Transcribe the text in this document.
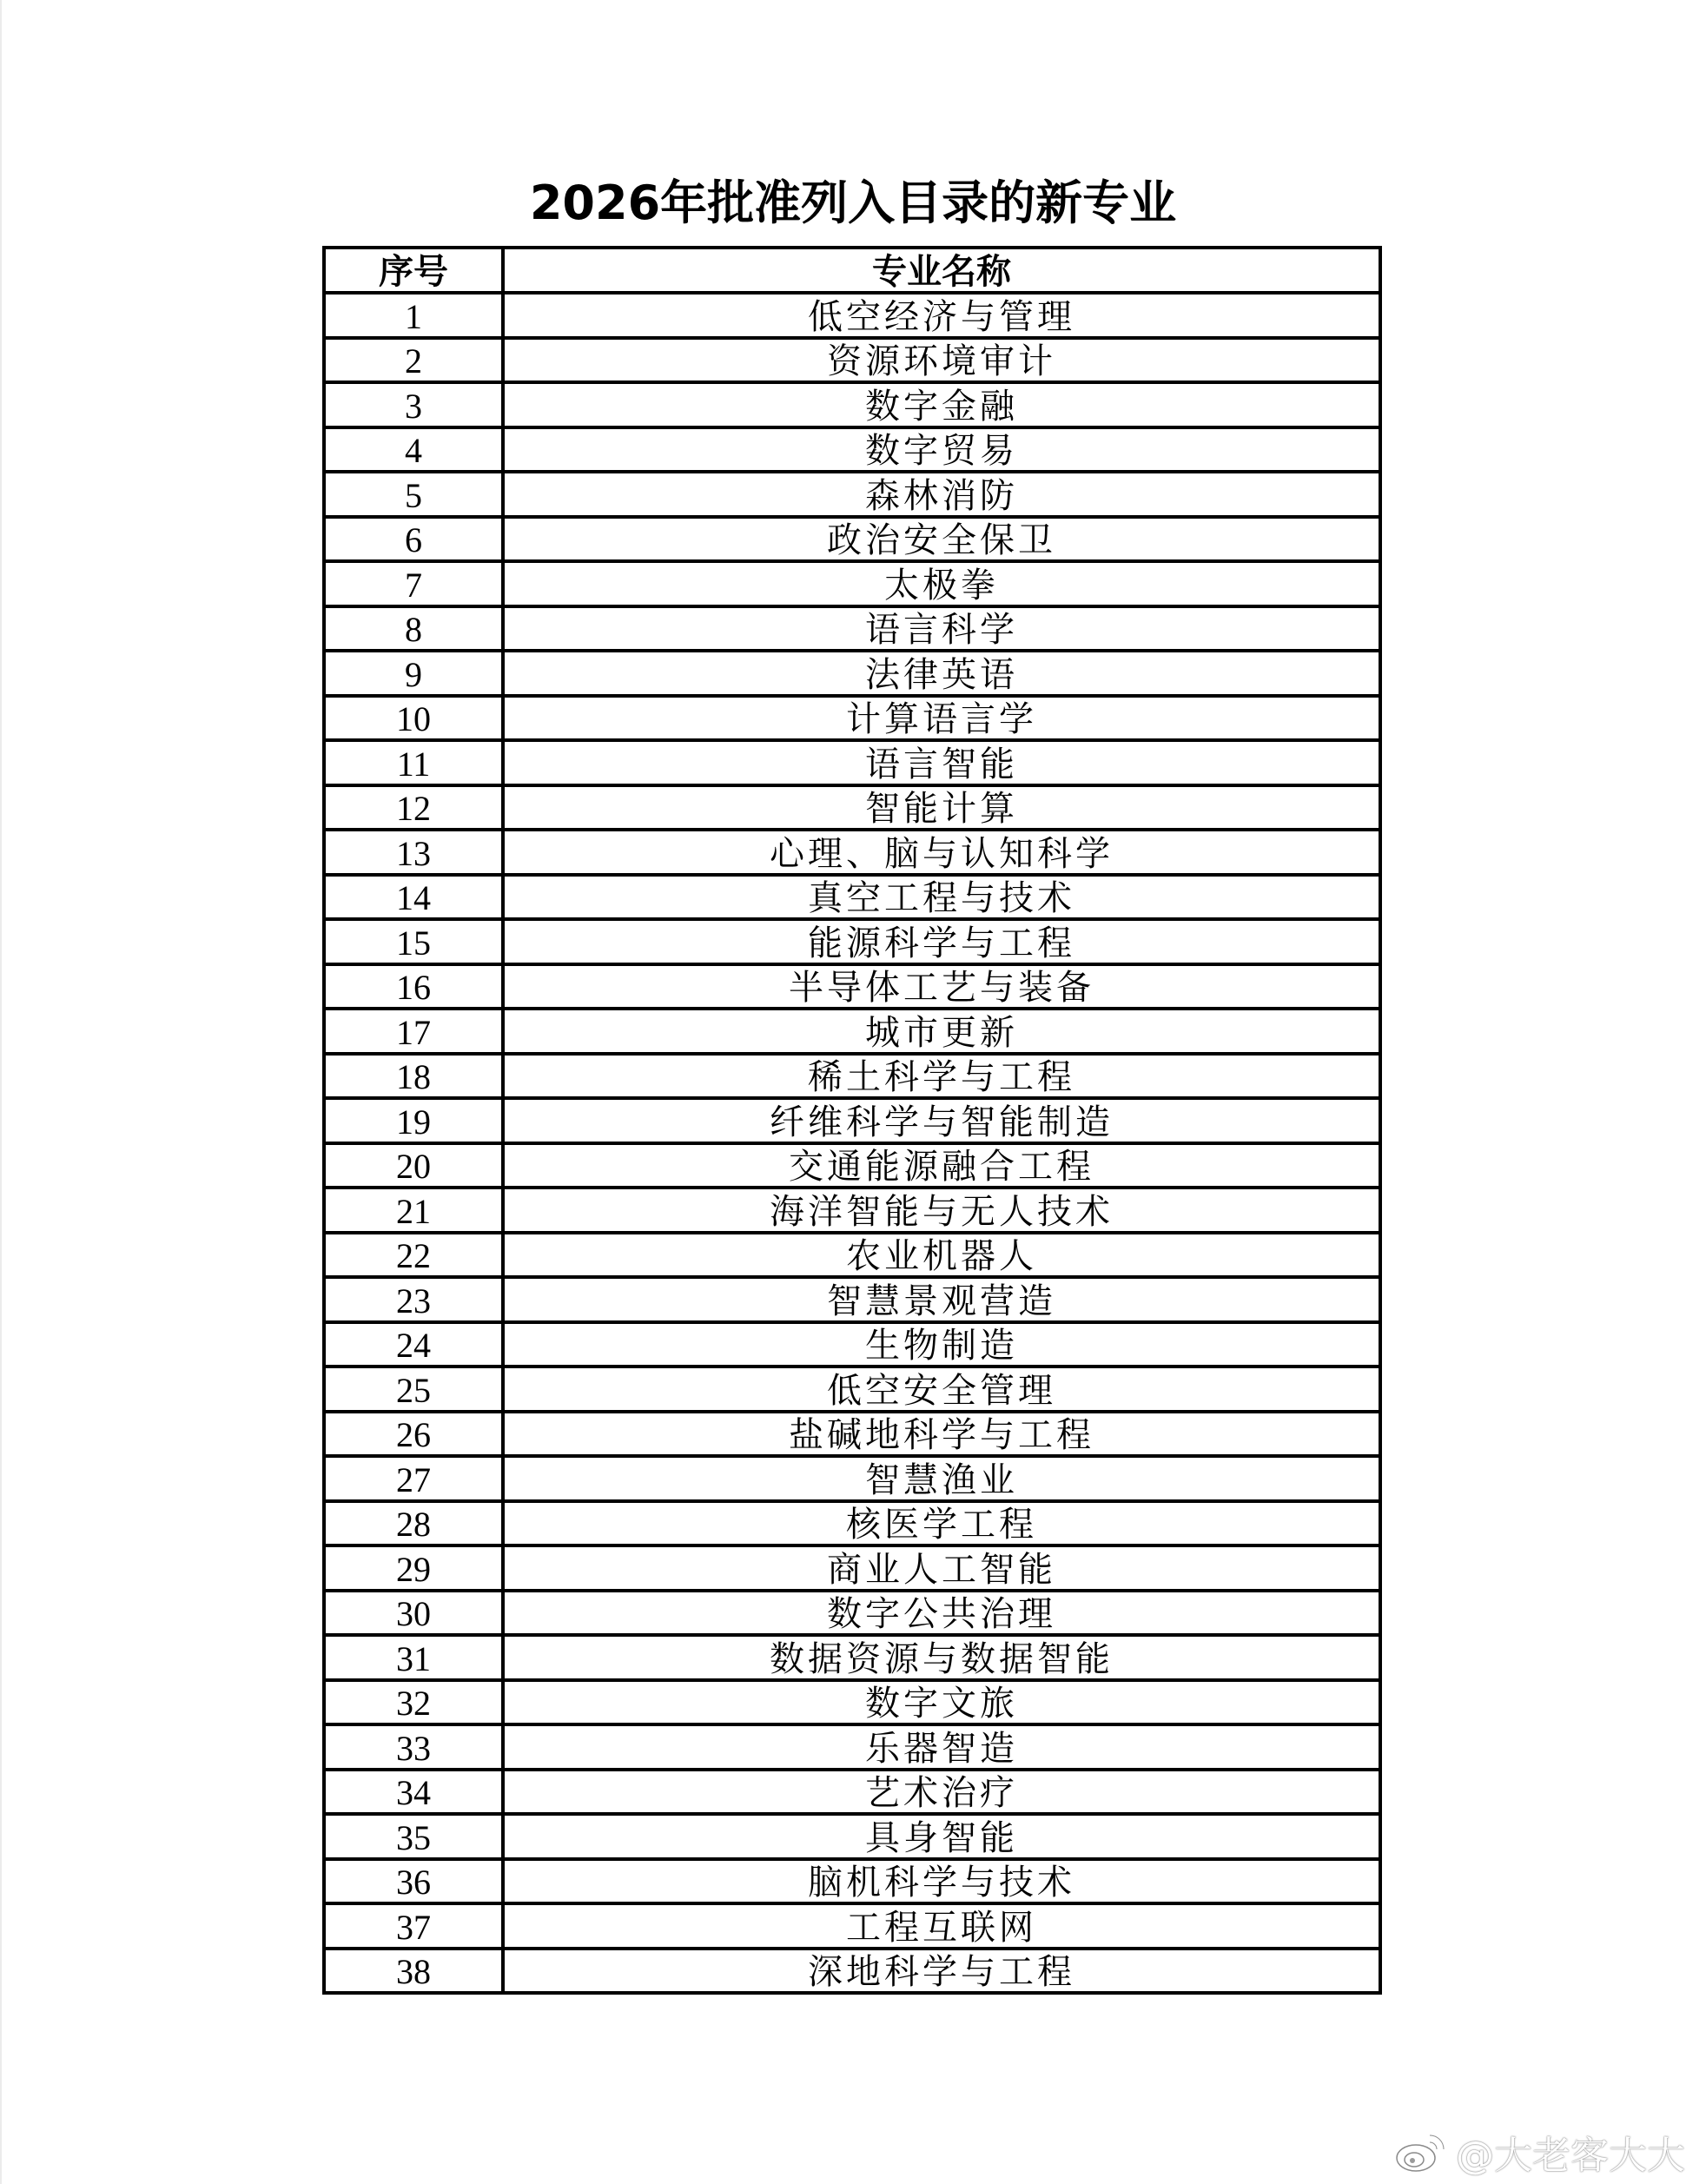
2026年批准列入目录的新专业
序号	专业名称
1	低空经济与管理
2	资源环境审计
3	数字金融
4	数字贸易
5	森林消防
6	政治安全保卫
7	太极拳
8	语言科学
9	法律英语
10	计算语言学
11	语言智能
12	智能计算
13	心理、脑与认知科学
14	真空工程与技术
15	能源科学与工程
16	半导体工艺与装备
17	城市更新
18	稀土科学与工程
19	纤维科学与智能制造
20	交通能源融合工程
21	海洋智能与无人技术
22	农业机器人
23	智慧景观营造
24	生物制造
25	低空安全管理
26	盐碱地科学与工程
27	智慧渔业
28	核医学工程
29	商业人工智能
30	数字公共治理
31	数据资源与数据智能
32	数字文旅
33	乐器智造
34	艺术治疗
35	具身智能
36	脑机科学与技术
37	工程互联网
38	深地科学与工程
@大老客大大
